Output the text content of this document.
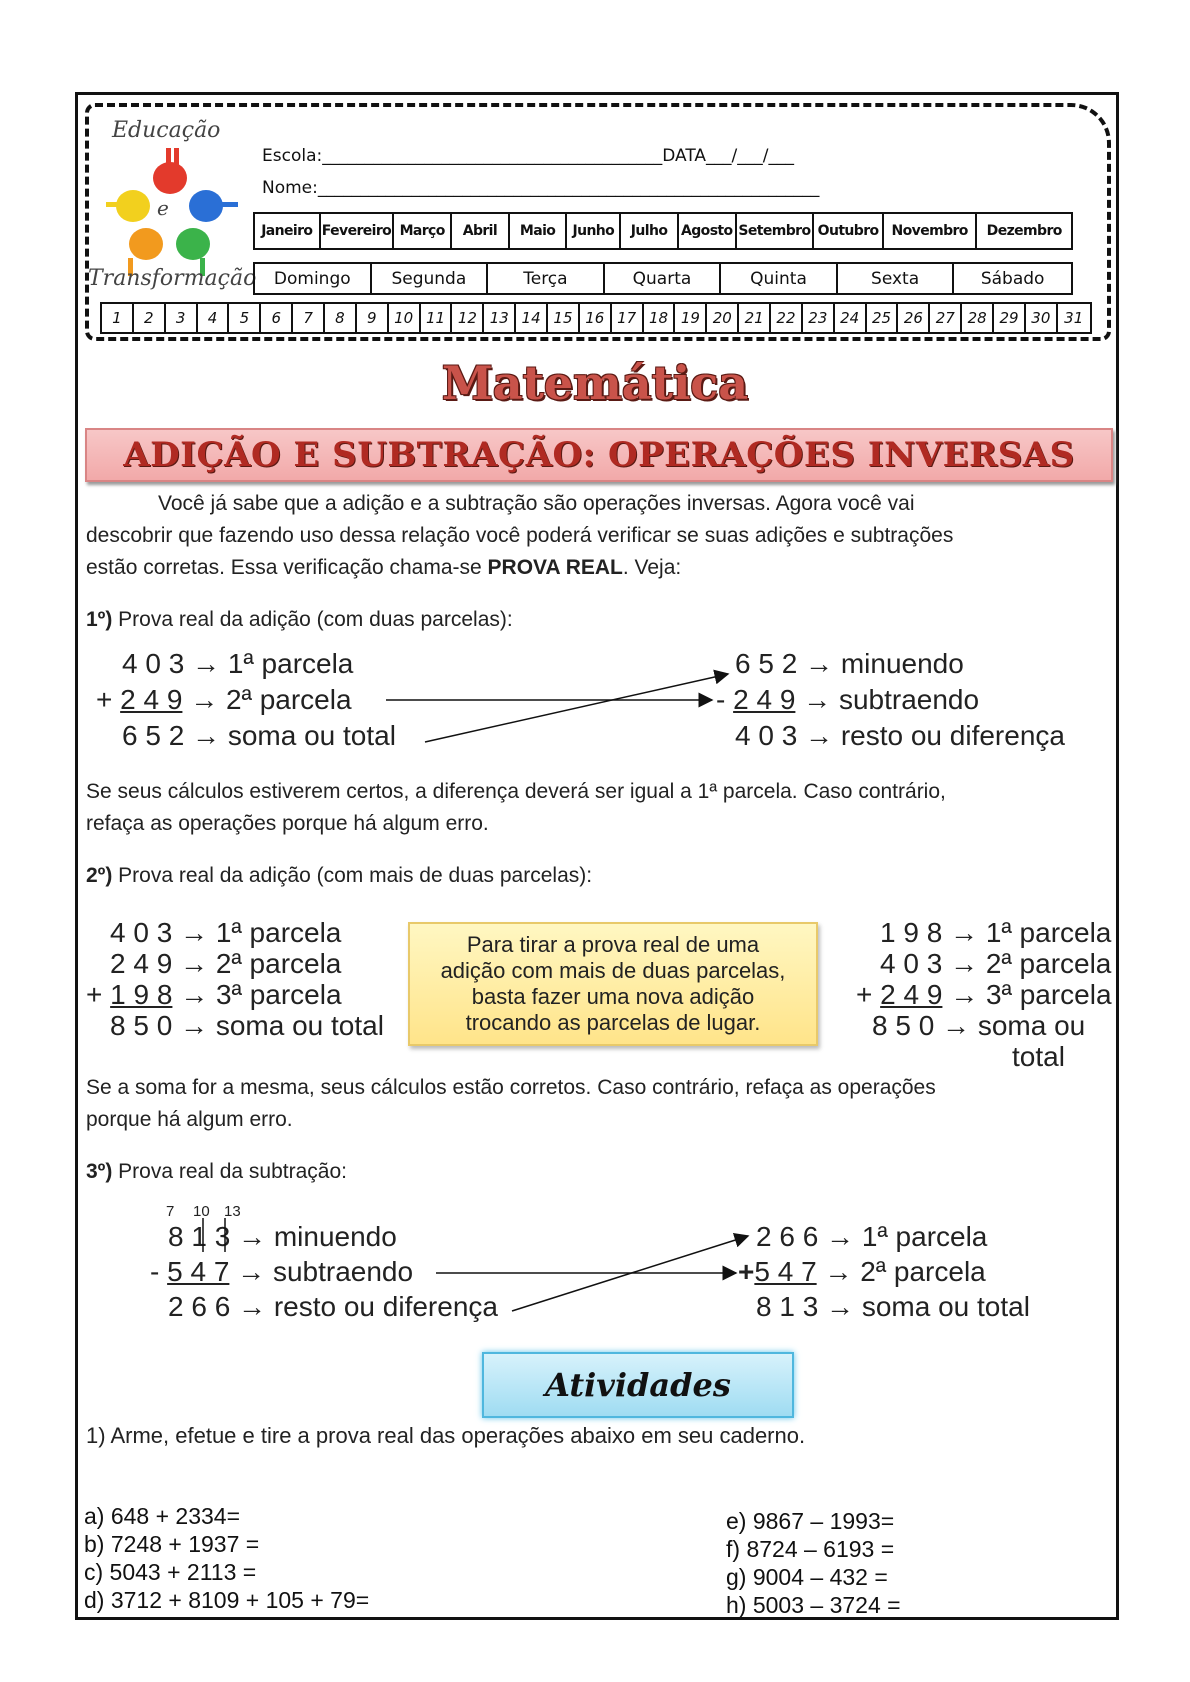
Educação
e
Transformação
Escola:________________________________________DATA___/___/___
Nome:___________________________________________________________
Janeiro Fevereiro Março	Abril	Maio	Junho	Julho Agosto Setembro Outubro Novembro	Dezembro
Domingo	Segunda	Terça	Quarta	Quinta	Sexta	Sábado
1	2	3	4	5	6	7	8	9	10 11 12 13 14 15 16 17 18 19 20 21 22 23 24 25 26 27 28 29 30 31
Matemática
ADIÇÃO E SUBTRAÇÃO: OPERAÇÕES INVERSAS
Você já sabe que a adição e a subtração são operações inversas. Agora você vai
descobrir que fazendo uso dessa relação você poderá verificar se suas adições e subtrações
estão corretas. Essa verificação chama-se PROVA REAL. Veja:
1º) Prova real da adição (com duas parcelas):
4 0 3 → 1ª parcela
+ 2 4 9 → 2ª parcela
6 5 2 → soma ou total
6 5 2 → minuendo
- 2 4 9 → subtraendo
4 0 3 → resto ou diferença
Se seus cálculos estiverem certos, a diferença deverá ser igual a 1ª parcela. Caso contrário,
refaça as operações porque há algum erro.
2º) Prova real da adição (com mais de duas parcelas):
4 0 3 → 1ª parcela
2 4 9 → 2ª parcela
+ 1 9 8 → 3ª parcela
8 5 0 → soma ou total
Para tirar a prova real de uma
adição com mais de duas parcelas,
basta fazer uma nova adição
trocando as parcelas de lugar.
1 9 8 → 1ª parcela
4 0 3 → 2ª parcela
+ 2 4 9 → 3ª parcela
8 5 0 → soma ou
total
Se a soma for a mesma, seus cálculos estão corretos. Caso contrário, refaça as operações
porque há algum erro.
3º) Prova real da subtração:
7 10 13
8 1 3 → minuendo
- 5 4 7 → subtraendo
2 6 6 → resto ou diferença
2 6 6 → 1ª parcela
+5 4 7 → 2ª parcela
8 1 3 → soma ou total
Atividades
1) Arme, efetue e tire a prova real das operações abaixo em seu caderno.
a) 648 + 2334=
b) 7248 + 1937 =
c) 5043 + 2113 =
d) 3712 + 8109 + 105 + 79=
e) 9867 – 1993=
f) 8724 – 6193 =
g) 9004 – 432 =
h) 5003 – 3724 =
